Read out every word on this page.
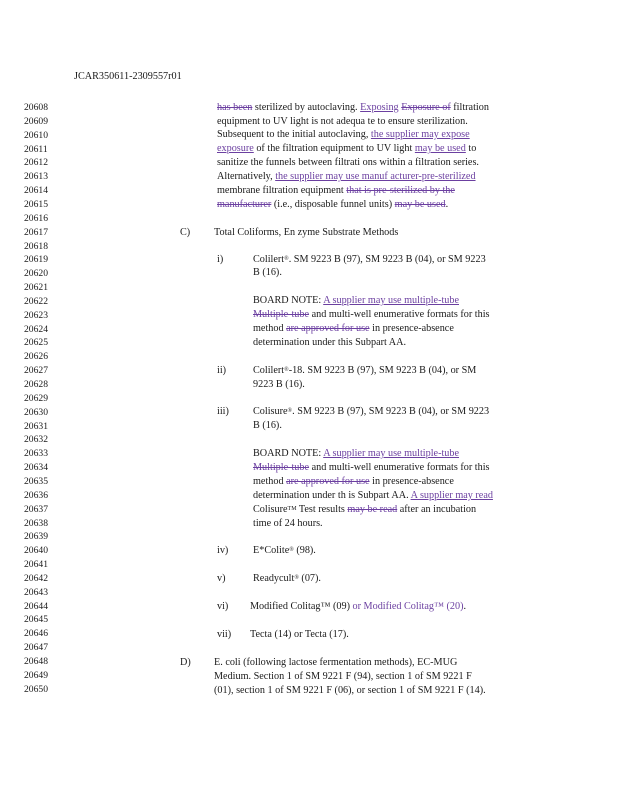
JCAR350611-2309557r01
20608
20609
20610
20611
20612
20613
20614
20615
20616
20617
20618
20619
20620
20621
20622
20623
20624
20625
20626
20627
20628
20629
20630
20631
20632
20633
20634
20635
20636
20637
20638
20639
20640
20641
20642
20643
20644
20645
20646
20647
20648
20649
20650
has been sterilized by autoclaving. Exposing Exposure of filtration
equipment to UV light is not adequa te to ensure sterilization.
Subsequent to the initial autoclaving, the supplier may expose
exposure of the filtration equipment to UV light may be used to
sanitize the funnels between filtrati ons within a filtration series.
Alternatively, the supplier may use manuf acturer-pre-sterilized
membrane filtration equipment that is pre-sterilized by the
manufacturer (i.e., disposable funnel units) may be used.
C) Total Coliforms, En zyme Substrate Methods
i)	Colilert®. SM 9223 B (97), SM 9223 B (04), or SM 9223
B (16).
BOARD NOTE: A supplier may use multiple-tube
Multiple-tube and multi-well enumerative formats for this
method are approved for use in presence-absence
determination under this Subpart AA.
ii)	Colilert®-18. SM 9223 B (97), SM 9223 B (04), or SM
9223 B (16).
iii) Colisure®. SM 9223 B (97), SM 9223 B (04), or SM 9223
B (16).
BOARD NOTE: A supplier may use multiple-tube
Multiple-tube and multi-well enumerative formats for this
method are approved for use in presence-absence
determination under th is Subpart AA. A supplier may read
Colisure™ Test results may be read after an incubation
time of 24 hours.
iv) E*Colite® (98).
v)	Readycult® (07).
vi) Modified Colitag™ (09) or Modified Colitag™ (20).
vii) Tecta (14) or Tecta (17).
D) E. coli (following lactose fermentation methods), EC-MUG
Medium. Section 1 of SM 9221 F (94), section 1 of SM 9221 F
(01), section 1 of SM 9221 F (06), or section 1 of SM 9221 F (14).
